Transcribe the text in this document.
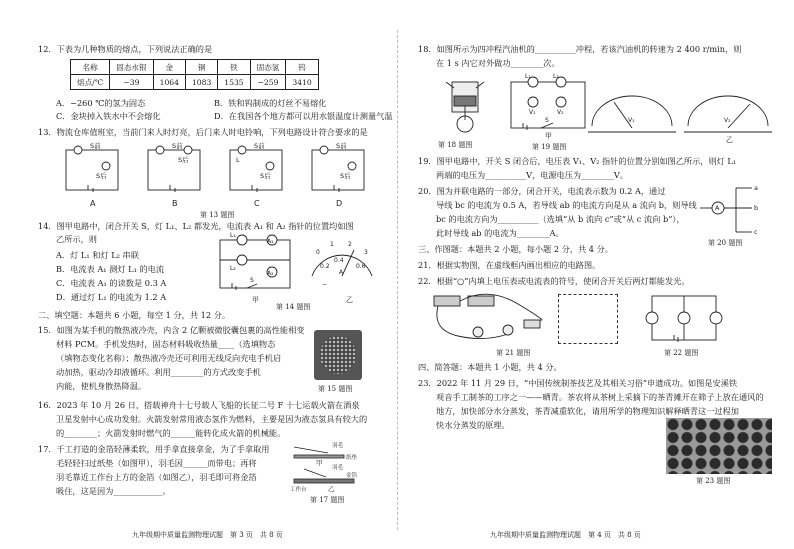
12．下表为几种物质的熔点，下列说法正确的是
名称	固态水银	金	铜	铁	固态氢	钨
熔点/℃	−39	1064	1083	1535	−259	3410
A．−260 ℃的氢为固态	B．铁和钨制成的灯丝不易熔化
C．金块掉入铁水中不会熔化	D．在我国各个地方都可以用水银温度计测量气温
13．物流仓库值班室，当前门来人时灯亮，后门来人时电铃响，下列电路设计符合要求的是
S前
S后
S前
S后
S前
S后
S前
S后
L
A	B	C	D
第 13 题图
14．图甲电路中，闭合开关 S，灯 L₁、L₂ 都发光，电流表 A₁ 和 A₂ 指针的位置均如图
乙所示，则
A．灯 L₁ 和灯 L₂ 串联
B．电流表 A₁ 测灯 L₁ 的电流
C．电流表 A₁ 的读数是 0.3 A
D．通过灯 L₁ 的电流为 1.2 A
A₁
A₂
L₁
L₂
S
0
1 2
3
0.2
0.4
0.6
A
−
甲	乙
第 14 题图
二、填空题：本题共 6 小题，每空 1 分，共 12 分。
15．如图为某手机的散热液冷壳，内含 2 亿颗被微胶囊包裹的高性能相变
材料 PCM。手机发热时，固态材料吸收热量____（选填物态
（填物态变化名称）；散热液冷壳还可利用无线反向充电手机启
动加热，驱动冷却液循环。利用________的方式改变手机
内能，使机身散热降温。	第 15 题图
16．2023 年 10 月 26 日，搭载神舟十七号载人飞船的长征二号 F 十七运载火箭在酒泉
卫星发射中心成功发射。火箭发射常用液态氢作为燃料，主要是因为液态氢具有较大的
的________；火箭发射时燃气的______能转化成火箭的机械能。
17．千工打造的金箔轻薄柔软，用手拿直接拿金，为了手拿取用
毛轻轻扫过纸垫（如图甲），羽毛因______而带电；再将
羽毛靠近工作台上方的金箔（如图乙），羽毛即可将金箔
吸住，这是因为____________。
羽毛
纸垫
羽毛
金箔
工作台
甲
乙
第 17 题图
九年级期中质量监测物理试题　第 3 页　共 8 页
18．如图所示为四冲程汽油机的__________冲程，若该汽油机的转速为 2 400 r/min，则
在 1 s 内它对外做功________次。
第 18 题图
L₁	L₂
V₁	V₂
S
甲
V₁	V₂
乙
第 19 题图
19．图甲电路中，开关 S 闭合后，电压表 V₁、V₂ 指针的位置分别如图乙所示，则灯 L₁
两端的电压为__________V，电源电压为________V。
20．图为并联电路的一部分，闭合开关，电流表示数为 0.2 A，通过
导线 bc 的电流为 0.5 A，若导线 ab 的电流方向是从 a 流向 b，则导线
bc 的电流方向为__________（选填“从 b 流向 c”或“从 c 流向 b”），
此时导线 ab 的电流为________A。
a
b
c
A
第 20 题图
三、作图题：本题共 2 小题，每小题 2 分，共 4 分。
21．根据实物图，在虚线框内画出相应的电路图。
22．根据“○”内填上电压表或电流表的符号，使闭合开关后两灯都能发光。
第 21 题图	第 22 题图
四、简答题：本题共 1 小题，共 4 分。
23．2022 年 11 月 29 日，“中国传统制茶技艺及其相关习俗”申遗成功。如图是安溪铁
观音手工制茶的工序之一——晒青。茶农将从茶树上采摘下的茶青摊开在筛子上放在通风的
地方，加快部分水分蒸发，茶青减重软化，请用所学的物理知识解释晒青这一过程加
快水分蒸发的原理。
第 23 题图
九年级期中质量监测物理试题　第 4 页　共 8 页
